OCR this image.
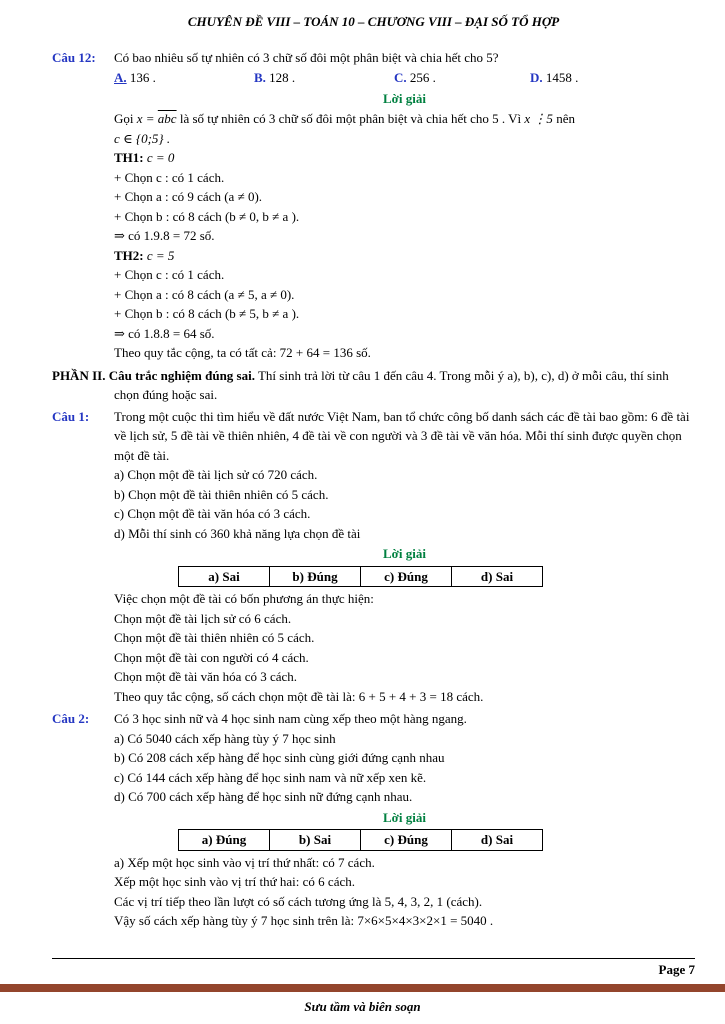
CHUYÊN ĐỀ VIII – TOÁN 10 – CHƯƠNG VIII – ĐẠI SỐ TỔ HỢP
Câu 12:	Có bao nhiêu số tự nhiên có 3 chữ số đôi một phân biệt và chia hết cho 5?

A. 136 .	B. 128 .	C. 256 .	D. 1458 .
Lời giải

Gọi $x = \overline{abc}$ là số tự nhiên có 3 chữ số đôi một phân biệt và chia hết cho 5 . Vì x ⋮5 nên

c ∈ {0;5} .

TH1: c = 0

+ Chọn c : có 1 cách.

+ Chọn a : có 9 cách (a ≠ 0).

+ Chọn b : có 8 cách (b ≠ 0, b ≠ a ).

⇒ có 1.9.8 = 72 số.

TH2: c = 5

+ Chọn c : có 1 cách.

+ Chọn a : có 8 cách (a ≠ 5, a ≠ 0).

+ Chọn b : có 8 cách (b ≠ 5, b ≠ a ).

⇒ có 1.8.8 = 64 số.

Theo quy tắc cộng, ta có tất cả: 72 + 64 = 136 số.

PHẦN II. Câu trắc nghiệm đúng sai. Thí sinh trả lời từ câu 1 đến câu 4. Trong mỗi ý a), b), c), d) ở mỗi câu, thí sinh chọn đúng hoặc sai.

Câu 1:	Trong một cuộc thi tìm hiểu về đất nước Việt Nam, ban tổ chức công bố danh sách các đề tài bao gồm: 6 đề tài về lịch sử, 5 đề tài về thiên nhiên, 4 đề tài về con người và 3 đề tài về văn hóa. Mỗi thí sinh được quyền chọn một đề tài.

a) Chọn một đề tài lịch sử có 720 cách.

b) Chọn một đề tài thiên nhiên có 5 cách.

c) Chọn một đề tài văn hóa có 3 cách.

d) Mỗi thí sinh có 360 khả năng lựa chọn đề tài

Lời giải
a) Sai	b) Đúng	c) Đúng	d) Sai

Việc chọn một đề tài có bốn phương án thực hiện:

Chọn một đề tài lịch sử có 6 cách.

Chọn một đề tài thiên nhiên có 5 cách.

Chọn một đề tài con người có 4 cách.

Chọn một đề tài văn hóa có 3 cách.

Theo quy tắc cộng, số cách chọn một đề tài là: 6 + 5 + 4 + 3 = 18 cách.

Câu 2:	Có 3 học sinh nữ và 4 học sinh nam cùng xếp theo một hàng ngang.

a) Có 5040 cách xếp hàng tùy ý 7 học sinh

b) Có 208 cách xếp hàng để học sinh cùng giới đứng cạnh nhau

c) Có 144 cách xếp hàng để học sinh nam và nữ xếp xen kẽ.

d) Có 700 cách xếp hàng để học sinh nữ đứng cạnh nhau.

Lời giải
a) Đúng	b) Sai	c) Đúng	d) Sai

a) Xếp một học sinh vào vị trí thứ nhất: có 7 cách.

Xếp một học sinh vào vị trí thứ hai: có 6 cách.

Các vị trí tiếp theo lần lượt có số cách tương ứng là 5, 4, 3, 2, 1 (cách).

Vậy số cách xếp hàng tùy ý 7 học sinh trên là: 7×6×5×4×3×2×1 = 5040 .

Page 7
Sưu tầm và biên soạn
